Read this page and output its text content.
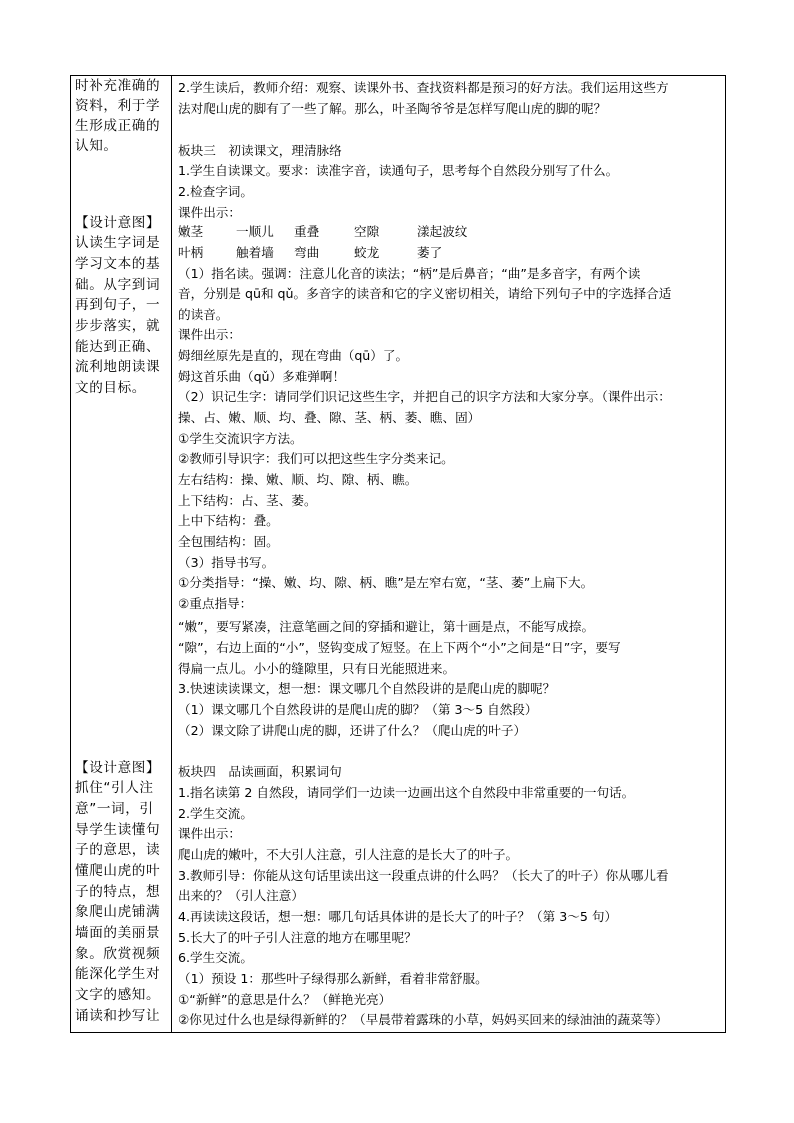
时补充准确的
资料，利于学
生形成正确的
认知。
【设计意图】
认读生字词是
学习文本的基
础。从字到词
再到句子，一
步步落实，就
能达到正确、
流利地朗读课
文的目标。
【设计意图】
抓住“引人注
意”一词，引
导学生读懂句
子的意思，读
懂爬山虎的叶
子的特点，想
象爬山虎铺满
墙面的美丽景
象。欣赏视频
能深化学生对
文字的感知。
诵读和抄写让
2.学生读后，教师介绍：观察、读课外书、查找资料都是预习的好方法。我们运用这些方
法对爬山虎的脚有了一些了解。那么，叶圣陶爷爷是怎样写爬山虎的脚的呢？
板块三　初读课文，理清脉络
1.学生自读课文。要求：读准字音，读通句子，思考每个自然段分别写了什么。
2.检查字词。
课件出示：
嫩茎	一顺儿 重叠	空隙	漾起波纹
叶柄	触着墙 弯曲	蛟龙	萎了
（1）指名读。强调：注意儿化音的读法；“柄”是后鼻音；“曲”是多音字，有两个读
音，分别是 qū和 qǔ。多音字的读音和它的字义密切相关，请给下列句子中的字选择合适
的读音。
课件出示：
姆细丝原先是直的，现在弯曲（qū）了。
姆这首乐曲（qǔ）多难弹啊！
（2）识记生字：请同学们识记这些生字，并把自己的识字方法和大家分享。（课件出示：
操、占、嫩、顺、均、叠、隙、茎、柄、萎、瞧、固）
①学生交流识字方法。
②教师引导识字：我们可以把这些生字分类来记。
左右结构：操、嫩、顺、均、隙、柄、瞧。
上下结构：占、茎、萎。
上中下结构：叠。
全包围结构：固。
（3）指导书写。
①分类指导：“操、嫩、均、隙、柄、瞧”是左窄右宽，“茎、萎”上扁下大。
②重点指导：
“嫩”，要写紧凑，注意笔画之间的穿插和避让，第十画是点，不能写成捺。
“隙”，右边上面的“小”，竖钩变成了短竖。在上下两个“小”之间是“日”字，要写
得扁一点儿。小小的缝隙里，只有日光能照进来。
3.快速读读课文，想一想：课文哪几个自然段讲的是爬山虎的脚呢？
（1）课文哪几个自然段讲的是爬山虎的脚？（第 3～5 自然段）
（2）课文除了讲爬山虎的脚，还讲了什么？（爬山虎的叶子）
板块四　品读画面，积累词句
1.指名读第 2 自然段，请同学们一边读一边画出这个自然段中非常重要的一句话。
2.学生交流。
课件出示：
爬山虎的嫩叶，不大引人注意，引人注意的是长大了的叶子。
3.教师引导：你能从这句话里读出这一段重点讲的什么吗？（长大了的叶子）你从哪儿看
出来的？（引人注意）
4.再读读这段话，想一想：哪几句话具体讲的是长大了的叶子？（第 3～5 句）
5.长大了的叶子引人注意的地方在哪里呢？
6.学生交流。
（1）预设 1：那些叶子绿得那么新鲜，看着非常舒服。
①“新鲜”的意思是什么？（鲜艳光亮）
②你见过什么也是绿得新鲜的？（早晨带着露珠的小草，妈妈买回来的绿油油的蔬菜等）
